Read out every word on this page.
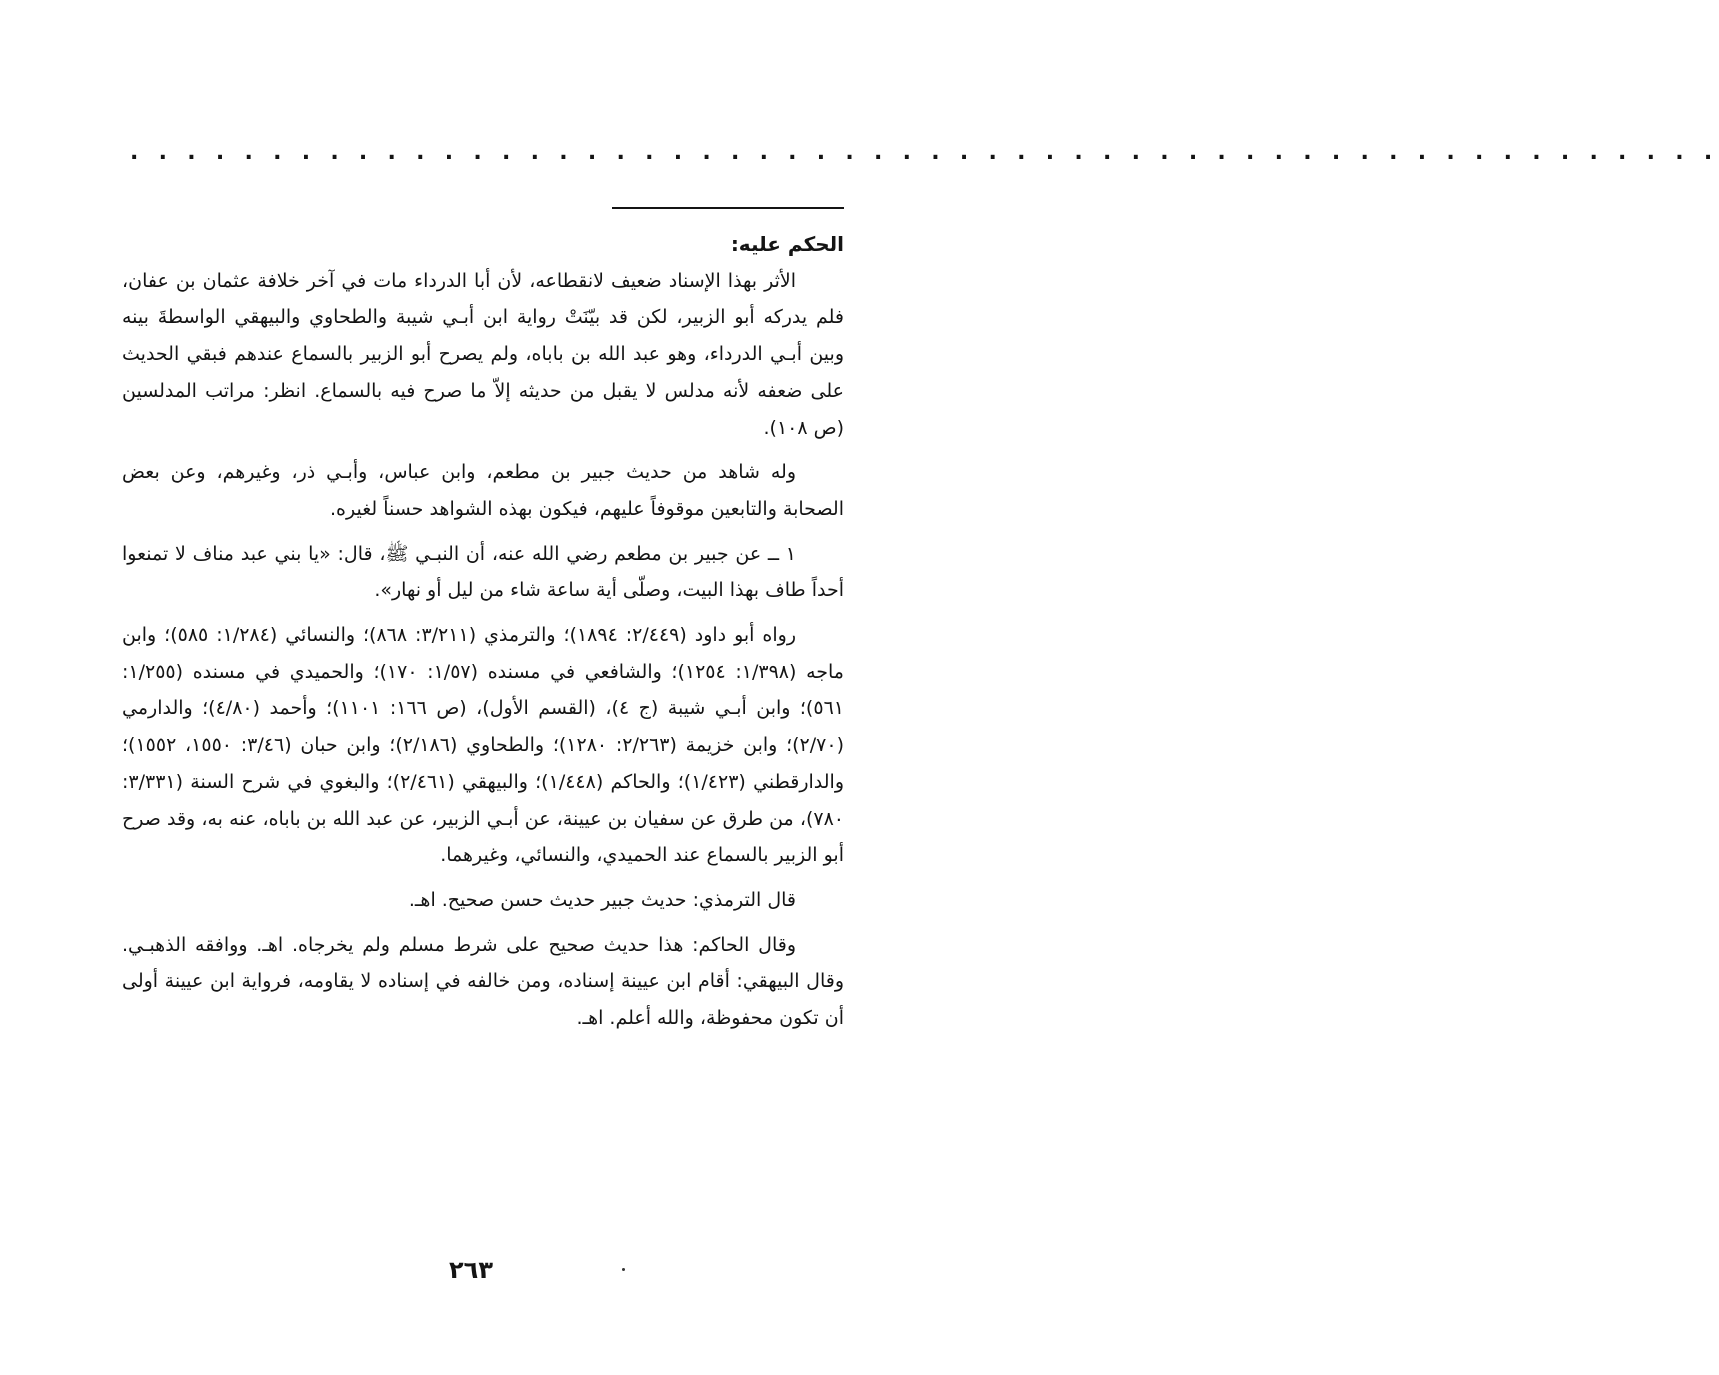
. . . . . . . . . . . . . . . . . . . . . . . . . . . . . . . . . . . . . . . . . . . . . . . . . . . . . . . .

الحكم عليه:

الأثر بهذا الإسناد ضعيف لانقطاعه، لأن أبا الدرداء مات في آخر خلافة عثمان بن عفان، فلم يدركه أبو الزبير، لكن قد بيّنَتْ رواية ابن أبـي شيبة والطحاوي والبيهقي الواسطةَ بينه وبين أبـي الدرداء، وهو عبد الله بن باباه، ولم يصرح أبو الزبير بالسماع عندهم فبقي الحديث على ضعفه لأنه مدلس لا يقبل من حديثه إلاّ ما صرح فيه بالسماع. انظر: مراتب المدلسين (ص ١٠٨).

وله شاهد من حديث جبير بن مطعم، وابن عباس، وأبـي ذر، وغيرهم، وعن بعض الصحابة والتابعين موقوفاً عليهم، فيكون بهذه الشواهد حسناً لغيره.

١ ــ عن جبير بن مطعم رضي الله عنه، أن النبـي ﷺ، قال: «يا بني عبد مناف لا تمنعوا أحداً طاف بهذا البيت، وصلّى أية ساعة شاء من ليل أو نهار».

رواه أبو داود (٢/٤٤٩: ١٨٩٤)؛ والترمذي (٣/٢١١: ٨٦٨)؛ والنسائي (١/٢٨٤: ٥٨٥)؛ وابن ماجه (١/٣٩٨: ١٢٥٤)؛ والشافعي في مسنده (١/٥٧: ١٧٠)؛ والحميدي في مسنده (١/٢٥٥: ٥٦١)؛ وابن أبـي شيبة (ج ٤)، (القسم الأول)، (ص ١٦٦: ١١٠١)؛ وأحمد (٤/٨٠)؛ والدارمي (٢/٧٠)؛ وابن خزيمة (٢/٢٦٣: ١٢٨٠)؛ والطحاوي (٢/١٨٦)؛ وابن حبان (٣/٤٦: ١٥٥٠، ١٥٥٢)؛ والدارقطني (١/٤٢٣)؛ والحاكم (١/٤٤٨)؛ والبيهقي (٢/٤٦١)؛ والبغوي في شرح السنة (٣/٣٣١: ٧٨٠)، من طرق عن سفيان بن عيينة، عن أبـي الزبير، عن عبد الله بن باباه، عنه به، وقد صرح أبو الزبير بالسماع عند الحميدي، والنسائي، وغيرهما.

قال الترمذي: حديث جبير حديث حسن صحيح. اهـ.

وقال الحاكم: هذا حديث صحيح على شرط مسلم ولم يخرجاه. اهـ. ووافقه الذهبـي. وقال البيهقي: أقام ابن عيينة إسناده، ومن خالفه في إسناده لا يقاومه، فرواية ابن عيينة أولى أن تكون محفوظة، والله أعلم. اهـ.

٢٦٣
